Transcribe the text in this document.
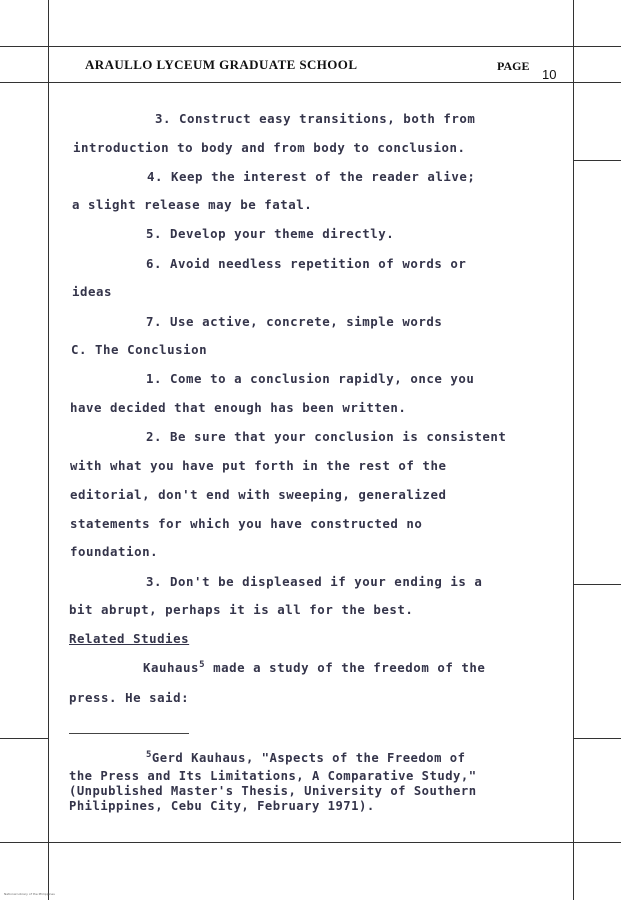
ARAULLO LYCEUM GRADUATE SCHOOL	PAGE
10
3. Construct easy transitions, both from
introduction to body and from body to conclusion.
4. Keep the interest of the reader alive;
a slight release may be fatal.
5. Develop your theme directly.
6. Avoid needless repetition of words or
ideas
7. Use active, concrete, simple words
C. The Conclusion
1. Come to a conclusion rapidly, once you
have decided that enough has been written.
2. Be sure that your conclusion is consistent
with what you have put forth in the rest of the
editorial, don't end with sweeping, generalized
statements for which you have constructed no
foundation.
3. Don't be displeased if your ending is a
bit abrupt, perhaps it is all for the best.
Related Studies
Kauhaus$^5$ made a study of the freedom of the
press. He said:
$^5$Gerd Kauhaus, "Aspects of the Freedom of
the Press and Its Limitations, A Comparative Study,"
(Unpublished Master's Thesis, University of Southern
Philippines, Cebu City, February 1971).
National Library of the Philippines
